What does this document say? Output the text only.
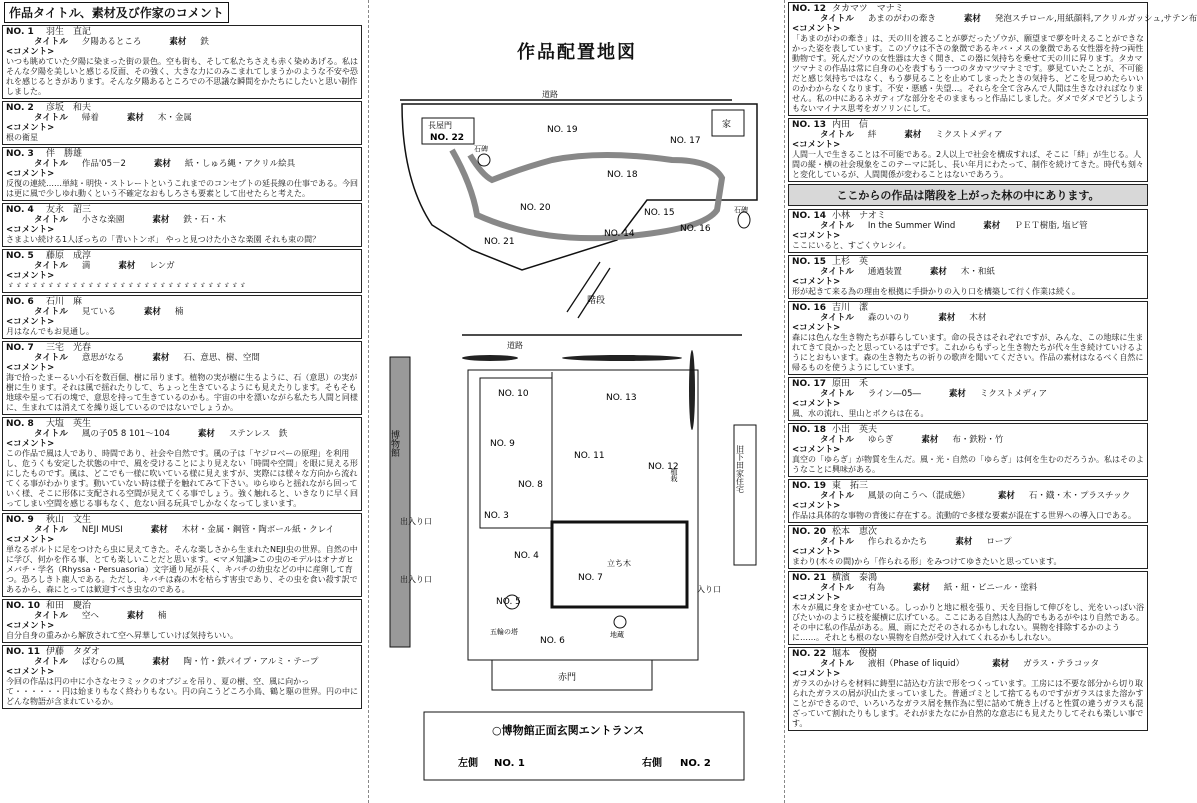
作品タイトル、素材及び作家のコメント
NO. 1 羽生　直記
タイトル 夕陽あるところ	素材 鉄
<コメント>
いつも眺めていた夕陽に染まった街の景色。空も街も、そして私たちさえも赤く染めあげる。私はそんな夕陽を美しいと感じる反面、その強く、大きな力にのみこまれてしまうかのような不安や恐れを感じるときがあります。そんな夕陽あるところでの不思議な瞬間をかたちにしたいと思い制作しました。
NO. 2 彦坂　和夫
タイトル 帰着	素材 木・金属
<コメント>
根の衛星
NO. 3 伴　勝雄
タイトル 作品'05－2	素材 紙・しゅろ縄・アクリル絵具
<コメント>
反復の連続……単純・明快・ストレートというこれまでのコンセプトの延長線の仕事である。今回は更に風で少しゆれ動くという不確定なおもしろさも要素として出せたらと考えた。
NO. 4 友永　詔三
タイトル 小さな楽園	素材 鉄・石・木
<コメント>
さまよい続ける1人ぼっちの「青いトンボ」 やっと見つけた小さな楽園 それも束の間？
NO. 5 藤原　成淳
タイトル 満	素材 レンガ
<コメント>
ゞゞゞゞゞゞゞゞゞゞゞゞゞゞゞゞゞゞゞゞゞゞゞゞゞゞゞゞゞゞ
NO. 6 石川　麻
タイトル 見ている	素材 楠
<コメント>
月はなんでもお見通し。
NO. 7 三宅　光春
タイトル 意思がなる	素材 石、意思、樹、空間
<コメント>
海で拾ったまーるい小石を数百個、樹に吊ります。植物の実が樹に生るように、石（意思）の実が樹に生ります。それは風で揺れたりして、ちょっと生きているようにも見えたりします。そもそも地球や星って石の塊で、意思を持って生きているのかも。宇宙の中を漂いながら私たち人間と同様に、生まれては消えてを繰り返しているのではないでしょうか。
NO. 8 大塩　英生
タイトル 風の子05 8 101～104	素材 ステンレス　鉄
<コメント>
この作品で風は人であり、時間であり、社会や自然です。風の子は「ヤジロベーの原理」を利用し、危うくも安定した状態の中で、風を受けることにより見えない「時間や空間」を眼に見える形にしたものです。風は、どこでも一様に吹いている様に見えますが、実際には様々な方向から流れてくる事がわかります。動いていない時は様子を触れてみて下さい。ゆらゆらと揺れながら回っていく様、そこに形体に支配される空間が見えてくる事でしょう。強く触れると、いきなりに早く回ってしまい空間を感じる事もなく、危ない回る玩具でしかなくなってしまいます。
NO. 9 秋山　文生
タイトル NEJI MUSI	素材 木材・金属・鋼管・陶ボール紙・クレイ
<コメント>
単なるボルトに足をつけたら虫に見えてきた。そんな楽しさから生まれたNEJI虫の世界。自然の中に学び、何かを作る事、とても楽しいことだと思います。<マメ知識>この虫のモデルはオナガヒメバチ・学名（Rhyssa・Persuasoria）文字通り尾が長く、キバチの幼虫などの中に産卵して育つ。恐ろしきト鹿人である。ただし、キバチは森の木を枯らす害虫であり、その虫を食い殺す訳であるから、森にとっては歓迎すべき虫なのである。
NO. 10 和田　慶治
タイトル 空へ	素材 楠
<コメント>
自分自身の重みから解放されて空へ昇華していけば気持ちいい。
NO. 11 伊藤　タダオ
タイトル ばむらの風	素材 陶・竹・鉄パイプ・アルミ・テープ
<コメント>
今回の作品は円の中に小さなセラミックのオブジェを吊り、夏の樹、空、風に向かって・・・・・・円は始まりもなく終わりもない。円の向こうどころ小鳥、鶴と駆の世界。円の中にどんな物語が含まれているか。
作品配置地図
道路
長屋門
NO. 22
家
石碑
石碑
NO. 19
NO. 17
NO. 18
NO. 20	NO. 15
NO. 16
NO. 14
NO. 21
階段
道路
博物館
NO. 10	NO. 13
NO. 9
NO. 11
NO. 12
NO. 8
NO. 3
植栽
出入り口
出入り口
入り口
立ち木
NO. 7
NO. 4
NO. 5
五輪の塔	地蔵
NO. 6
赤門
旧下田家住宅
○博物館正面玄関エントランス
左側 NO. 1	右側 NO. 2
NO. 12 タカマツ　マナミ
タイトル あまのがわの牽き	素材 発泡スチロール,用紙顔料,アクリルガッシュ,サテン布
<コメント>
「あまのがわの牽き」は、天の川を渡ることが夢だったゾウが、願望まで夢を叶えることができなかった姿を表しています。このゾウは不さの象徴であるキバ・メスの象徴である女性器を持つ両性動物です。死んだゾウの女性器は大きく開き、この器に気持ちを乗せて天の川に昇ります。タカマツマナミの作品は常に自身の心を表すもう一つのタカマツマナミです。夢見ていたことが、不可能だと感じ気持ちではなく、もう夢見ることを止めてしまったときの気持ち、どこを見つめたらいいのかわからなくなります。不安・悪感・失望…。それらを全て含みんで人間は生きなければなりません。私の中にあるネガティブな部分をそのままもっと作品にしました。ダメでダメでどうしようもないマイナス思考をガソリンにして。
NO. 13 内田　信
タイトル 絆	素材 ミクストメディア
<コメント>
人間一人で生きることは不可能である。2人以上で社会を構成すれば、そこに「絆」が生じる。人間の縦・横の社会現象をこのテーマに託し、長い年月にわたって、制作を続けてきた。時代も刻々と変化しているが、人間関係が変わることはないであろう。
ここからの作品は階段を上がった林の中にあります。
NO. 14 小林　ナオミ
タイトル In the Summer Wind	素材 ＰＥＴ樹脂, 塩ビ管
<コメント>
ここにいると、すごくウレシイ。
NO. 15 上杉　英
タイトル 通過装置	素材 木・和紙
<コメント>
形が起きて来る為の理由を根拠に手掛かりの入り口を構築して行く作業は続く。
NO. 16 吉川　潔
タイトル 森のいのり	素材 木材
<コメント>
森には色んな生き物たちが暮らしています。命の長さはそれぞれですが、みんな、この地球に生まれてきて良かったと思っているはずです。これからもずっと生き物たちが代々生き続けていけるようにとおもいます。森の生き物たちの祈りの歌声を聞いてください。作品の素材はなるべく自然に帰るものを使うようにしています。
NO. 17 原田　禾
タイトル ライン―05―	素材 ミクストメディア
<コメント>
風、水の流れ、里山とボクらは在る。
NO. 18 小出　英夫
タイトル ゆらぎ	素材 布・鉄粉・竹
<コメント>
真空の「ゆらぎ」が物質を生んだ。風・光・自然の「ゆらぎ」は何を生むのだろうか。私はそのようなことに興味がある。
NO. 19 東　拓三
タイトル 風景の向こうへ（混成態）	素材 石・鐡・木・プラスチック
<コメント>
作品は具体的な事物の背後に存在する。流動的で多様な要素が混在する世界への導入口である。
NO. 20 松本　恵次
タイトル 作られるかたち	素材 ロープ
<コメント>
まわり(木々の間)から「作られる形」をみつけてゆきたいと思っています。
NO. 21 横濱　泰鴻
タイトル 有為	素材 紙・紐・ビニール・塗料
<コメント>
木々が風に身をまかせている。しっかりと地に根を張り、天を目指して伸びをし、光をいっぱい浴びたいかのように枝を縦横に広げている。ここにある自然は人為的でもあるがやはり自然である。その中に私の作品がある。風、雨にただそのされるかもしれない。異物を排除するかのように……。それとも根のない異物を自然が受け入れてくれるかもしれない。
NO. 22 堀本　俊樹
タイトル 液相（Phase of liquid）	素材 ガラス・テラコッタ
<コメント>
ガラスのかけらを材料に鋳型に詰込む方法で形をつくっています。工房には不要な部分から切り取られたガラスの屑が沢山たまっていました。普通ゴミとして捨てるものですがガラスはまた溶かすことができるので、いろいろなガラス屑を無作為に型に詰めて焼き上げると性質の違うガラスも混ざっていて割れたりもします。それがまたなにか自然的な意志にも見えたりしてそれも楽しい事です。
